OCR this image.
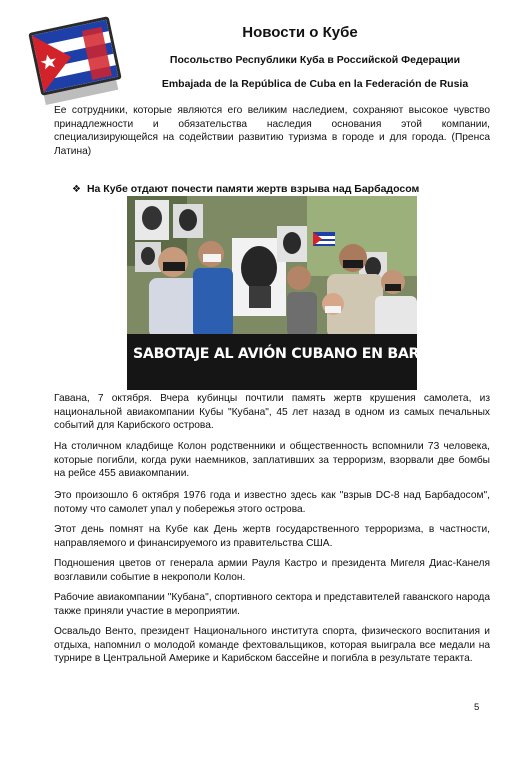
Новости о Кубе
Посольство Республики Куба в Российской Федерации
Embajada de la República de Cuba en la Federación de Rusia
Ее сотрудники, которые являются его великим наследием, сохраняют высокое чувство принадлежности и обязательства наследия основания этой компании, специализирующейся на содействии развитию туризма в городе и для города. (Пренса Латина)
❖ На Кубе отдают почести памяти жертв взрыва над Барбадосом
SABOTAJE AL AVIÓN CUBANO EN BARBADOS
Гавана, 7 октября. Вчера кубинцы почтили память жертв крушения самолета, из национальной авиакомпании Кубы "Кубана", 45 лет назад в одном из самых печальных событий для Карибского острова.
На столичном кладбище Колон родственники и общественность вспомнили 73 человека, которые погибли, когда руки наемников, заплативших за терроризм, взорвали две бомбы на рейсе 455 авиакомпании.
Это произошло 6 октября 1976 года и известно здесь как "взрыв DC-8 над Барбадосом", потому что самолет упал у побережья этого острова.
Этот день помнят на Кубе как День жертв государственного терроризма, в частности, направляемого и финансируемого из правительства США.
Подношения цветов от генерала армии Рауля Кастро и президента Мигеля Диас-Канеля возглавили событие в некрополи Колон.
Рабочие авиакомпании "Кубана", спортивного сектора и представителей гаванского народа также приняли участие в мероприятии.
Освальдо Венто, президент Национального института спорта, физического воспитания и отдыха, напомнил о молодой команде фехтовальщиков, которая выиграла все медали на турнире в Центральной Америке и Карибском бассейне и погибла в результате теракта.
5
